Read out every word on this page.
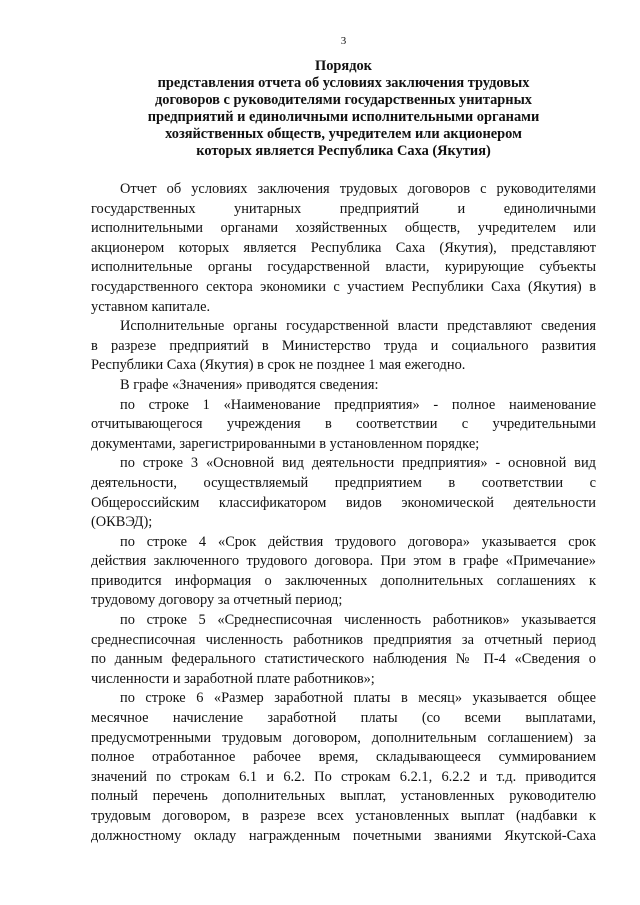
3
Порядок
представления отчета об условиях заключения трудовых
договоров с руководителями государственных унитарных
предприятий и единоличными исполнительными органами
хозяйственных обществ, учредителем или акционером
которых является Республика Саха (Якутия)
Отчет об условиях заключения трудовых договоров с руководителями
государственных унитарных предприятий и единоличными
исполнительными органами хозяйственных обществ, учредителем или
акционером которых является Республика Саха (Якутия), представляют
исполнительные органы государственной власти, курирующие субъекты
государственного сектора экономики с участием Республики Саха (Якутия) в
уставном капитале.
Исполнительные органы государственной власти представляют сведения
в разрезе предприятий в Министерство труда и социального развития
Республики Саха (Якутия) в срок не позднее 1 мая ежегодно.
В графе «Значения» приводятся сведения:
по строке 1 «Наименование предприятия» - полное наименование
отчитывающегося учреждения в соответствии с учредительными
документами, зарегистрированными в установленном порядке;
по строке 3 «Основной вид деятельности предприятия» - основной вид
деятельности, осуществляемый предприятием в соответствии с
Общероссийским классификатором видов экономической деятельности
(ОКВЭД);
по строке 4 «Срок действия трудового договора» указывается срок
действия заключенного трудового договора. При этом в графе «Примечание»
приводится информация о заключенных дополнительных соглашениях к
трудовому договору за отчетный период;
по строке 5 «Среднесписочная численность работников» указывается
среднесписочная численность работников предприятия за отчетный период
по данным федерального статистического наблюдения № П-4 «Сведения о
численности и заработной плате работников»;
по строке 6 «Размер заработной платы в месяц» указывается общее
месячное начисление заработной платы (со всеми выплатами,
предусмотренными трудовым договором, дополнительным соглашением) за
полное отработанное рабочее время, складывающееся суммированием
значений по строкам 6.1 и 6.2. По строкам 6.2.1, 6.2.2 и т.д. приводится
полный перечень дополнительных выплат, установленных руководителю
трудовым договором, в разрезе всех установленных выплат (надбавки к
должностному окладу награжденным почетными званиями Якутской-Саха
